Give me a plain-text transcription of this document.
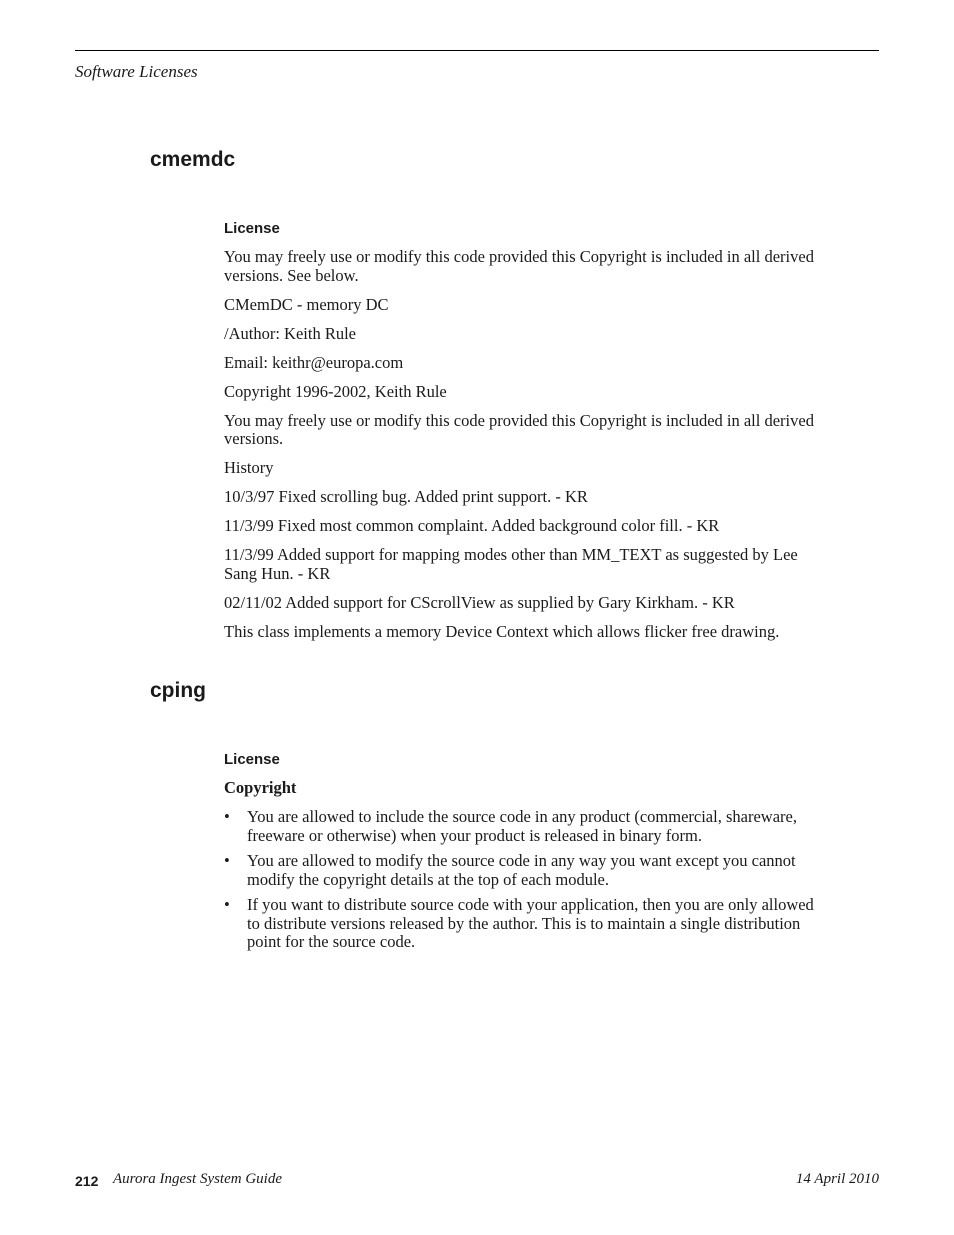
Software Licenses
cmemdc
License

You may freely use or modify this code provided this Copyright is included in all derived versions. See below.

CMemDC - memory DC

/Author: Keith Rule

Email: keithr@europa.com

Copyright 1996-2002, Keith Rule

You may freely use or modify this code provided this Copyright is included in all derived versions.

History

10/3/97 Fixed scrolling bug. Added print support. - KR

11/3/99 Fixed most common complaint. Added background color fill. - KR

11/3/99 Added support for mapping modes other than MM_TEXT as suggested by Lee Sang Hun. - KR

02/11/02 Added support for CScrollView as supplied by Gary Kirkham. - KR

This class implements a memory Device Context which allows flicker free drawing.

cping
License

Copyright

• You are allowed to include the source code in any product (commercial, shareware, freeware or otherwise) when your product is released in binary form.
• You are allowed to modify the source code in any way you want except you cannot modify the copyright details at the top of each module.
• If you want to distribute source code with your application, then you are only allowed to distribute versions released by the author. This is to maintain a single distribution point for the source code.
212 Aurora Ingest System Guide	14 April 2010
